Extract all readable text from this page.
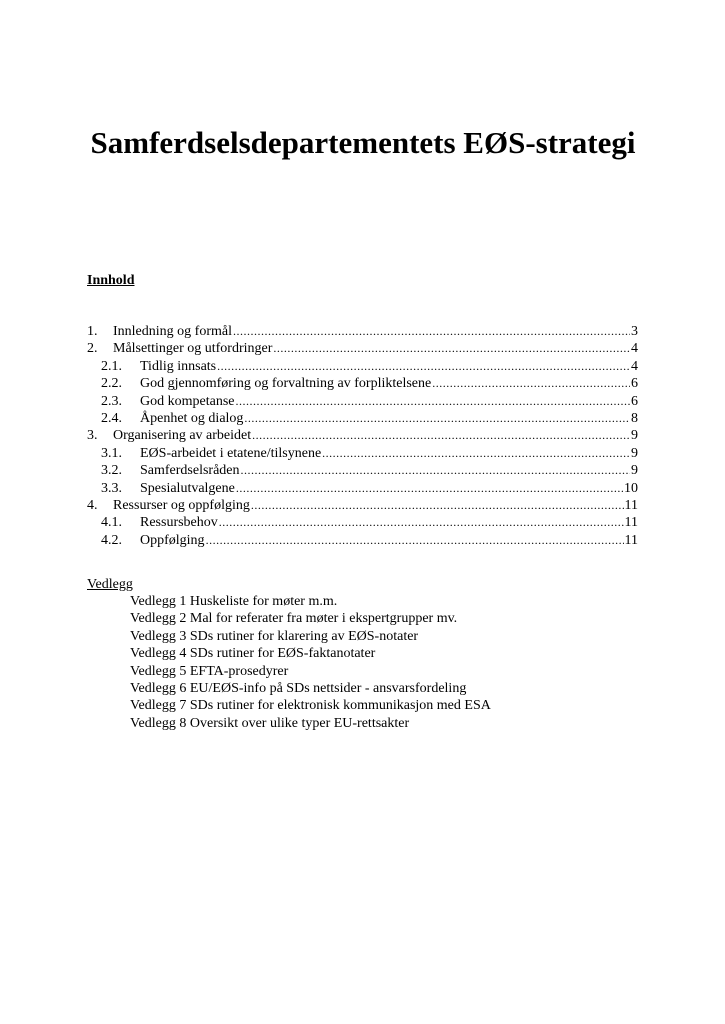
Samferdselsdepartementets EØS-strategi
Innhold
1.	Innledning og formål .....	3
2.	Målsettinger og utfordringer .....	4
2.1.	Tidlig innsats .....	4
2.2.	God gjennomføring og forvaltning av forpliktelsene .....	6
2.3.	God kompetanse .....	6
2.4.	Åpenhet og dialog .....	8
3.	Organisering av arbeidet .....	9
3.1.	EØS-arbeidet i etatene/tilsynene .....	9
3.2.	Samferdselsråden .....	9
3.3.	Spesialutvalgene .....	10
4.	Ressurser og oppfølging .....	11
4.1.	Ressursbehov .....	11
4.2.	Oppfølging .....	11
Vedlegg
Vedlegg 1 Huskeliste for møter m.m.
Vedlegg 2 Mal for referater fra møter i ekspertgrupper mv.
Vedlegg 3 SDs rutiner for klarering av EØS-notater
Vedlegg 4 SDs rutiner for EØS-faktanotater
Vedlegg 5 EFTA-prosedyrer
Vedlegg 6 EU/EØS-info på SDs nettsider - ansvarsfordeling
Vedlegg 7 SDs rutiner for elektronisk kommunikasjon med ESA
Vedlegg 8 Oversikt over ulike typer EU-rettsakter
